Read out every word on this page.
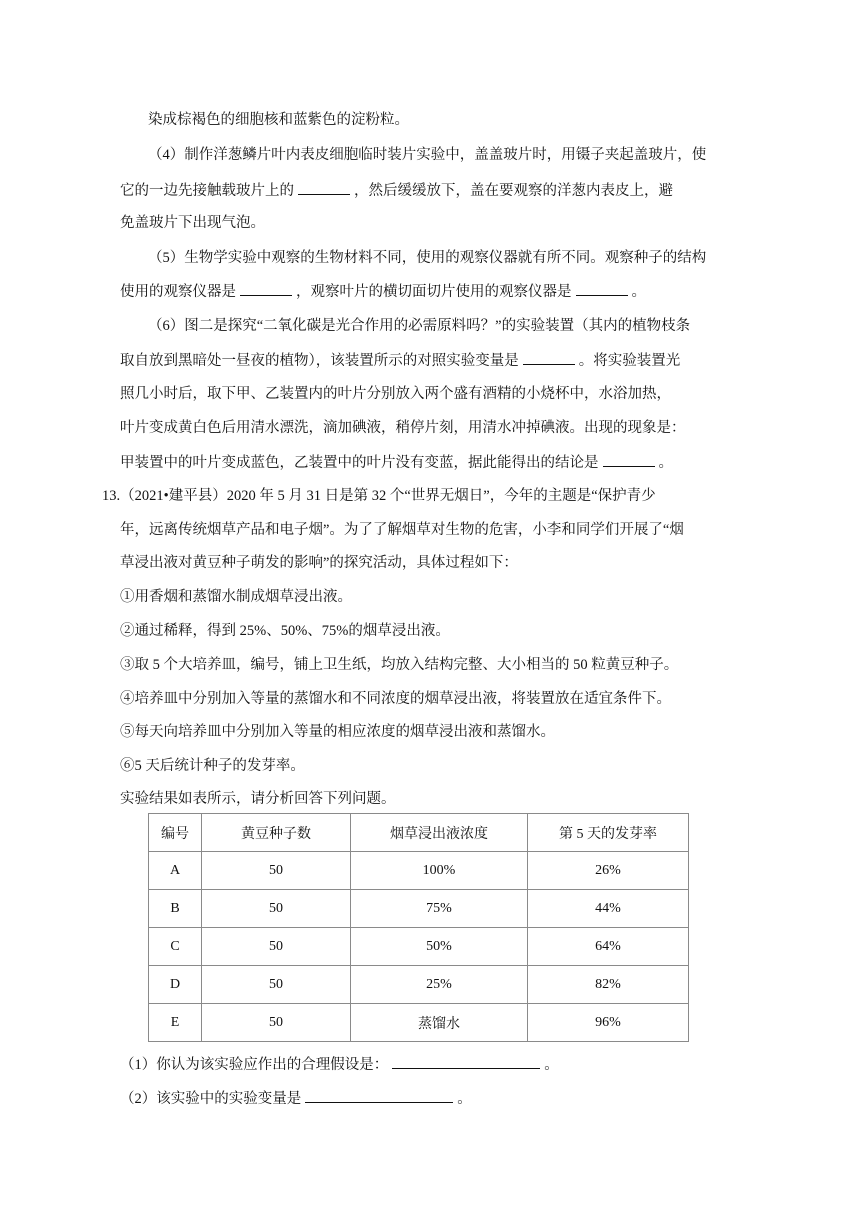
染成棕褐色的细胞核和蓝紫色的淀粉粒。
（4）制作洋葱鳞片叶内表皮细胞临时装片实验中，盖盖玻片时，用镊子夹起盖玻片，使
它的一边先接触载玻片上的	，然后缓缓放下，盖在要观察的洋葱内表皮上，避
免盖玻片下出现气泡。
（5）生物学实验中观察的生物材料不同，使用的观察仪器就有所不同。观察种子的结构
使用的观察仪器是	，观察叶片的横切面切片使用的观察仪器是	。
（6）图二是探究“二氧化碳是光合作用的必需原料吗？”的实验装置（其内的植物枝条
取自放到黑暗处一昼夜的植物），该装置所示的对照实验变量是	。将实验装置光
照几小时后，取下甲、乙装置内的叶片分别放入两个盛有酒精的小烧杯中，水浴加热，
叶片变成黄白色后用清水漂洗，滴加碘液，稍停片刻，用清水冲掉碘液。出现的现象是：
甲装置中的叶片变成蓝色，乙装置中的叶片没有变蓝，据此能得出的结论是	。
13.（2021•建平县）2020 年 5 月 31 日是第 32 个“世界无烟日”，今年的主题是“保护青少
年，远离传统烟草产品和电子烟”。为了了解烟草对生物的危害，小李和同学们开展了“烟
草浸出液对黄豆种子萌发的影响”的探究活动，具体过程如下：
①用香烟和蒸馏水制成烟草浸出液。
②通过稀释，得到 25%、50%、75%的烟草浸出液。
③取 5 个大培养皿，编号，铺上卫生纸，均放入结构完整、大小相当的 50 粒黄豆种子。
④培养皿中分别加入等量的蒸馏水和不同浓度的烟草浸出液，将装置放在适宜条件下。
⑤每天向培养皿中分别加入等量的相应浓度的烟草浸出液和蒸馏水。
⑥5 天后统计种子的发芽率。
实验结果如表所示，请分析回答下列问题。
编号	黄豆种子数	烟草浸出液浓度	第 5 天的发芽率
A	50	100%	26%
B	50	75%	44%
C	50	50%	64%
D	50	25%	82%
E	50	蒸馏水	96%
（1）你认为该实验应作出的合理假设是：	。
（2）该实验中的实验变量是	。
